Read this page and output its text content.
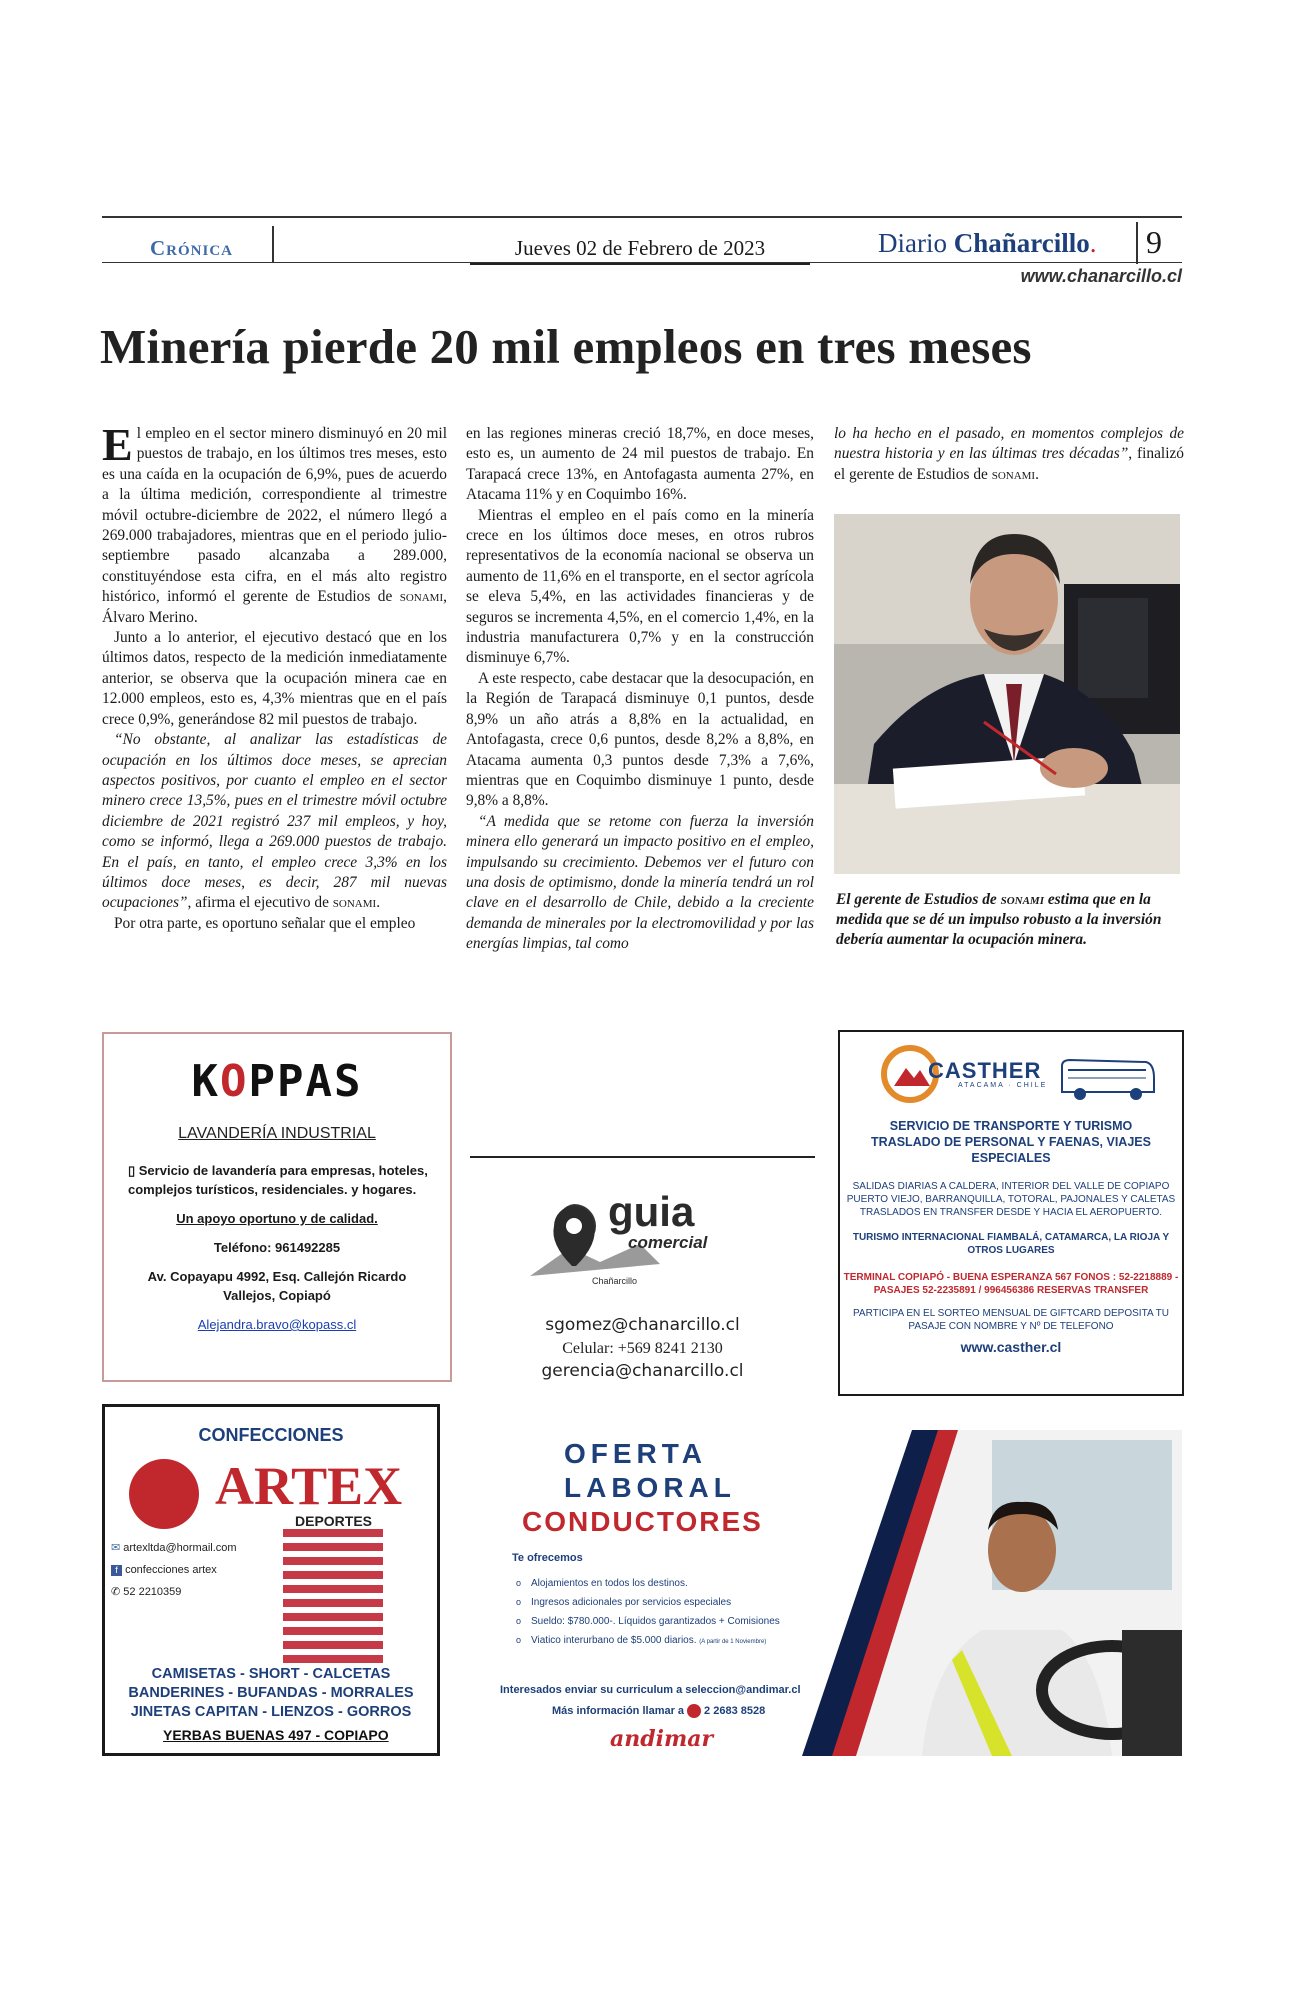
Crónica	Jueves 02 de Febrero de 2023	Diario Chañarcillo. 9
www.chanarcillo.cl
Minería pierde 20 mil empleos en tres meses

El empleo en el sector minero disminuyó en 20 mil puestos de trabajo, en los últimos tres meses, esto es una caída en la ocupación de 6,9%, pues de acuerdo a la última medición, correspondiente al trimestre móvil octubre-diciembre de 2022, el número llegó a 269.000 trabajadores, mientras que en el periodo julio-septiembre pasado alcanzaba a 289.000, constituyéndose esta cifra, en el más alto registro histórico, informó el gerente de Estudios de sonami, Álvaro Merino.

Junto a lo anterior, el ejecutivo destacó que en los últimos datos, respecto de la medición inmediatamente anterior, se observa que la ocupación minera cae en 12.000 empleos, esto es, 4,3% mientras que en el país crece 0,9%, generándose 82 mil puestos de trabajo.

“No obstante, al analizar las estadísticas de ocupación en los últimos doce meses, se aprecian aspectos positivos, por cuanto el empleo en el sector minero crece 13,5%, pues en el trimestre móvil octubre diciembre de 2021 registró 237 mil empleos, y hoy, como se informó, llega a 269.000 puestos de trabajo. En el país, en tanto, el empleo crece 3,3% en los últimos doce meses, es decir, 287 mil nuevas ocupaciones”, afirma el ejecutivo de sonami.

Por otra parte, es oportuno señalar que el empleo

en las regiones mineras creció 18,7%, en doce meses, esto es, un aumento de 24 mil puestos de trabajo. En Tarapacá crece 13%, en Antofagasta aumenta 27%, en Atacama 11% y en Coquimbo 16%.

Mientras el empleo en el país como en la minería crece en los últimos doce meses, en otros rubros representativos de la economía nacional se observa un aumento de 11,6% en el transporte, en el sector agrícola se eleva 5,4%, en las actividades financieras y de seguros se incrementa 4,5%, en el comercio 1,4%, en la industria manufacturera 0,7% y en la construcción disminuye 6,7%.

A este respecto, cabe destacar que la desocupación, en la Región de Tarapacá disminuye 0,1 puntos, desde 8,9% un año atrás a 8,8% en la actualidad, en Antofagasta, crece 0,6 puntos, desde 8,2% a 8,8%, en Atacama aumenta 0,3 puntos desde 7,3% a 7,6%, mientras que en Coquimbo disminuye 1 punto, desde 9,8% a 8,8%.

“A medida que se retome con fuerza la inversión minera ello generará un impacto positivo en el empleo, impulsando su crecimiento. Debemos ver el futuro con una dosis de optimismo, donde la minería tendrá un rol clave en el desarrollo de Chile, debido a la creciente demanda de minerales por la electromovilidad y por las energías limpias, tal como

lo ha hecho en el pasado, en momentos complejos de nuestra historia y en las últimas tres décadas”, finalizó el gerente de Estudios de sonami.

El gerente de Estudios de sonami estima que en la medida que se dé un impulso robusto a la inversión debería aumentar la ocupación minera.
KOPPAS
LAVANDERÍA INDUSTRIAL
▯ Servicio de lavandería para empresas, hoteles, complejos turísticos, residenciales. y hogares.
Un apoyo oportuno y de calidad.
Teléfono: 961492285
Av. Copayapu 4992, Esq. Callejón Ricardo Vallejos, Copiapó
Alejandra.bravo@kopass.cl
guia
comercial
Chañarcillo
sgomez@chanarcillo.cl
Celular: +569 8241 2130
gerencia@chanarcillo.cl
CASTHER
ATACAMA · CHILE
SERVICIO DE TRANSPORTE Y TURISMO TRASLADO DE PERSONAL Y FAENAS, VIAJES ESPECIALES
SALIDAS DIARIAS A CALDERA, INTERIOR DEL VALLE DE COPIAPO PUERTO VIEJO, BARRANQUILLA, TOTORAL, PAJONALES Y CALETAS TRASLADOS EN TRANSFER DESDE Y HACIA EL AEROPUERTO.
TURISMO INTERNACIONAL FIAMBALÁ, CATAMARCA, LA RIOJA Y OTROS LUGARES
TERMINAL COPIAPÓ - BUENA ESPERANZA 567 FONOS : 52-2218889 - PASAJES 52-2235891 / 996456386 RESERVAS TRANSFER
PARTICIPA EN EL SORTEO MENSUAL DE GIFTCARD DEPOSITA TU PASAJE CON NOMBRE Y Nº DE TELEFONO
www.casther.cl
CONFECCIONES
ARTEX
DEPORTES
✉ artexltda@hormail.com
f confecciones artex
✆ 52 2210359
CAMISETAS - SHORT - CALCETAS BANDERINES - BUFANDAS - MORRALES JINETAS CAPITAN - LIENZOS - GORROS
YERBAS BUENAS 497 - COPIAPO
OFERTA
LABORAL
CONDUCTORES
Te ofrecemos
o Alojamientos en todos los destinos.
o Ingresos adicionales por servicios especiales
o Sueldo: $780.000-. Líquidos garantizados + Comisiones
o Viatico interurbano de $5.000 diarios. (A partir de 1 Noviembre)
Interesados enviar su curriculum a seleccion@andimar.cl
Más información llamar a 2 2683 8528
andimar
